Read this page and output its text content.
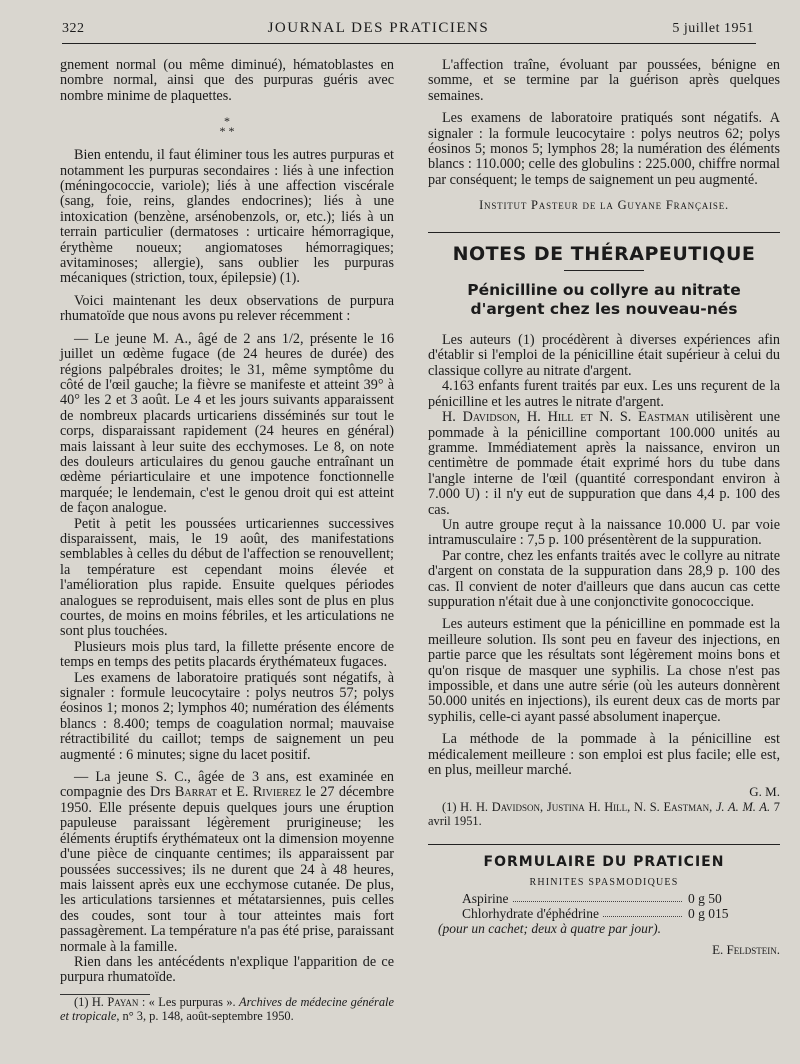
322	JOURNAL DES PRATICIENS	5 juillet 1951

gnement normal (ou même diminué), hématoblastes en nombre normal, ainsi que des purpuras guéris avec nombre minime de plaquettes.

*
* *

Bien entendu, il faut éliminer tous les autres purpuras et notamment les purpuras secondaires : liés à une infection (méningococcie, variole); liés à une affection viscérale (sang, foie, reins, glandes endocrines); liés à une intoxication (benzène, arsénobenzols, or, etc.); liés à un terrain particulier (dermatoses : urticaire hémorragique, érythème noueux; angiomatoses hémorragiques; avitaminoses; allergie), sans oublier les purpuras mécaniques (striction, toux, épilepsie) (1).

Voici maintenant les deux observations de purpura rhumatoïde que nous avons pu relever récemment :

— Le jeune M. A., âgé de 2 ans 1/2, présente le 16 juillet un œdème fugace (de 24 heures de durée) des régions palpébrales droites; le 31, même symptôme du côté de l'œil gauche; la fièvre se manifeste et atteint 39° à 40° les 2 et 3 août. Le 4 et les jours suivants apparaissent de nombreux placards urticariens disséminés sur tout le corps, disparaissant rapidement (24 heures en général) mais laissant à leur suite des ecchymoses. Le 8, on note des douleurs articulaires du genou gauche entraînant un œdème périarticulaire et une impotence fonctionnelle marquée; le lendemain, c'est le genou droit qui est atteint de façon analogue.

Petit à petit les poussées urticariennes successives disparaissent, mais, le 19 août, des manifestations semblables à celles du début de l'affection se renouvellent; la température est cependant moins élevée et l'amélioration plus rapide. Ensuite quelques périodes analogues se reproduisent, mais elles sont de plus en plus courtes, de moins en moins fébriles, et les articulations ne sont plus touchées.

Plusieurs mois plus tard, la fillette présente encore de temps en temps des petits placards érythémateux fugaces.

Les examens de laboratoire pratiqués sont négatifs, à signaler : formule leucocytaire : polys neutros 57; polys éosinos 1; monos 2; lymphos 40; numération des éléments blancs : 8.400; temps de coagulation normal; mauvaise rétractibilité du caillot; temps de saignement un peu augmenté : 6 minutes; signe du lacet positif.

— La jeune S. C., âgée de 3 ans, est examinée en compagnie des Drs Barrat et E. Rivierez le 27 décembre 1950. Elle présente depuis quelques jours une éruption papuleuse paraissant légèrement prurigineuse; les éléments éruptifs érythémateux ont la dimension moyenne d'une pièce de cinquante centimes; ils apparaissent par poussées successives; ils ne durent que 24 à 48 heures, mais laissent après eux une ecchymose cutanée. De plus, les articulations tarsiennes et métatarsiennes, puis celles des coudes, sont tour à tour atteintes mais fort passagèrement. La température n'a pas été prise, paraissant normale à la famille.

Rien dans les antécédents n'explique l'apparition de ce purpura rhumatoïde.

(1) H. Payan : « Les purpuras ». Archives de médecine générale et tropicale, n° 3, p. 148, août-septembre 1950.

L'affection traîne, évoluant par poussées, bénigne en somme, et se termine par la guérison après quelques semaines.

Les examens de laboratoire pratiqués sont négatifs. A signaler : la formule leucocytaire : polys neutros 62; polys éosinos 5; monos 5; lymphos 28; la numération des éléments blancs : 110.000; celle des globulins : 225.000, chiffre normal par conséquent; le temps de saignement un peu augmenté.

Institut Pasteur de la Guyane Française.
NOTES DE THÉRAPEUTIQUE
Pénicilline ou collyre au nitrate d'argent chez les nouveau-nés

Les auteurs (1) procédèrent à diverses expériences afin d'établir si l'emploi de la pénicilline était supérieur à celui du classique collyre au nitrate d'argent.

4.163 enfants furent traités par eux. Les uns reçurent de la pénicilline et les autres le nitrate d'argent.

H. Davidson, H. Hill et N. S. Eastman utilisèrent une pommade à la pénicilline comportant 100.000 unités au gramme. Immédiatement après la naissance, environ un centimètre de pommade était exprimé hors du tube dans l'angle interne de l'œil (quantité correspondant environ à 7.000 U) : il n'y eut de suppuration que dans 4,4 p. 100 des cas.

Un autre groupe reçut à la naissance 10.000 U. par voie intramusculaire : 7,5 p. 100 présentèrent de la suppuration.

Par contre, chez les enfants traités avec le collyre au nitrate d'argent on constata de la suppuration dans 28,9 p. 100 des cas. Il convient de noter d'ailleurs que dans aucun cas cette suppuration n'était due à une conjonctivite gonococcique.

Les auteurs estiment que la pénicilline en pommade est la meilleure solution. Ils sont peu en faveur des injections, en partie parce que les résultats sont légèrement moins bons et qu'on risque de masquer une syphilis. La chose n'est pas impossible, et dans une autre série (où les auteurs donnèrent 50.000 unités en injections), ils eurent deux cas de morts par syphilis, celle-ci ayant passé absolument inaperçue.

La méthode de la pommade à la pénicilline est médicalement meilleure : son emploi est plus facile; elle est, en plus, meilleur marché.

G. M.

(1) H. H. Davidson, Justina H. Hill, N. S. Eastman, J. A. M. A. 7 avril 1951.

FORMULAIRE DU PRATICIEN
RHINITES SPASMODIQUES
Aspirine	0 g 50
Chlorhydrate d'éphédrine	0 g 015
(pour un cachet; deux à quatre par jour).
E. Feldstein.
